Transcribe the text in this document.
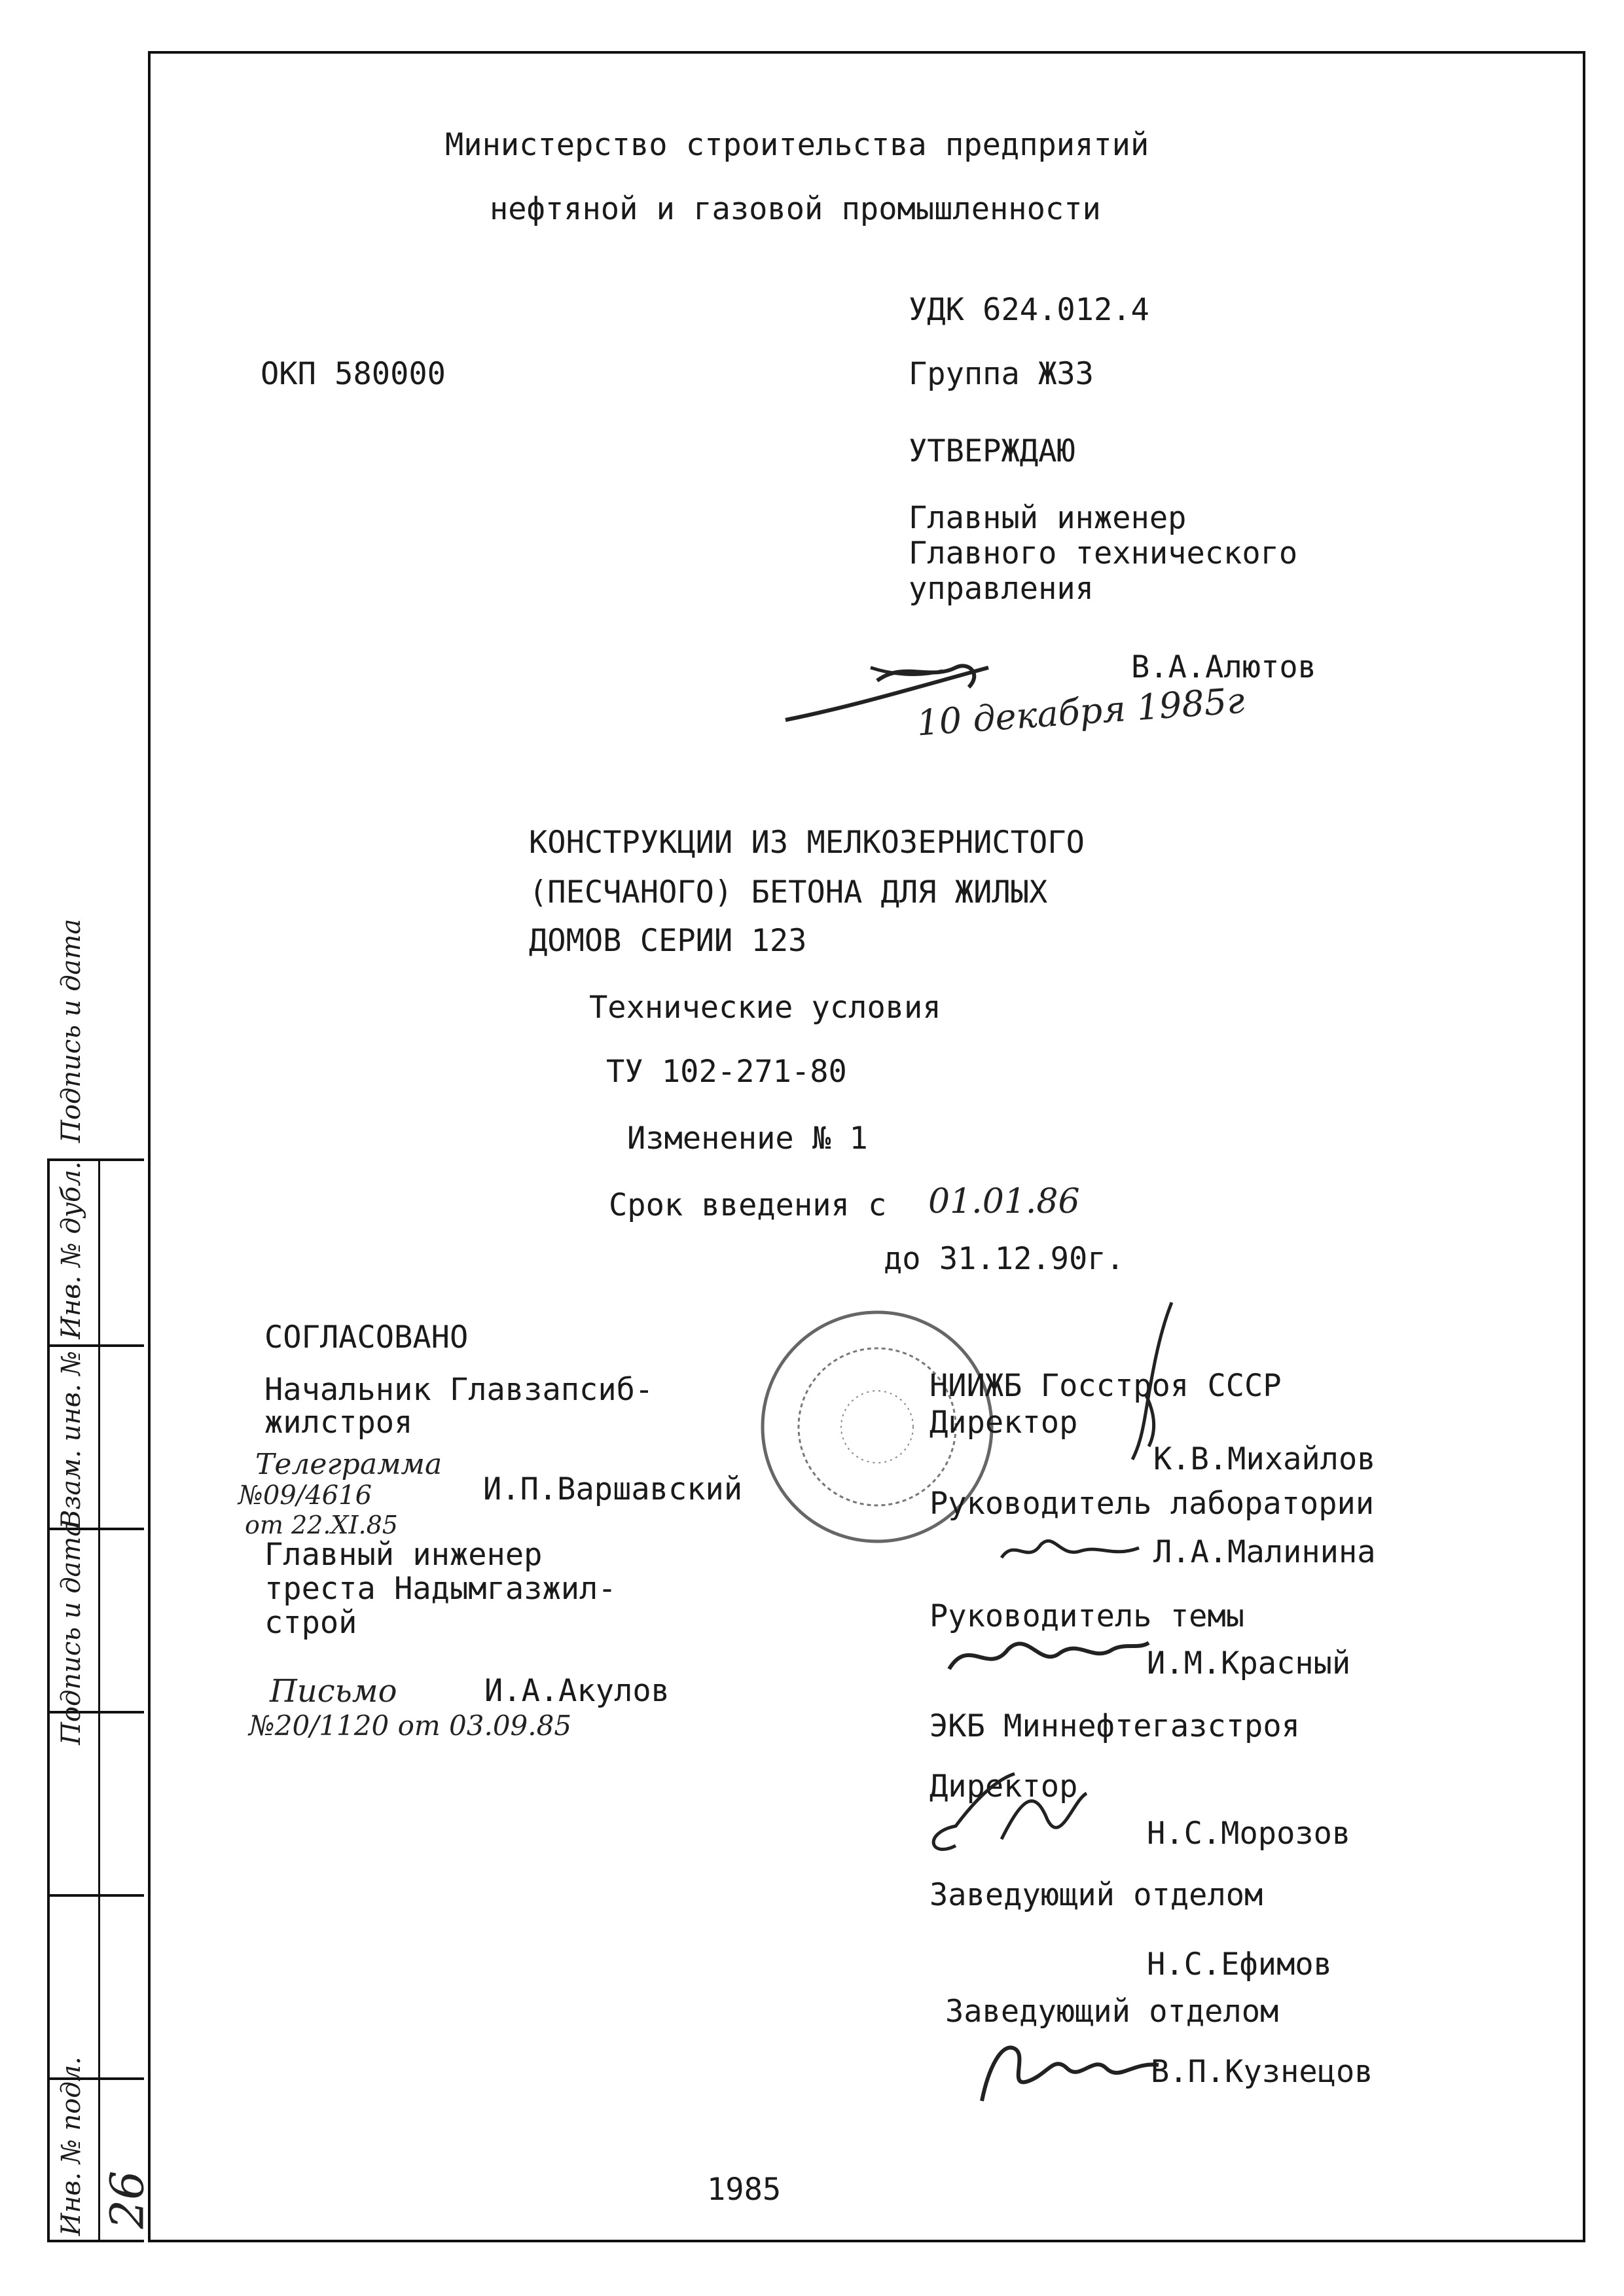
Подпись и дата
Инв. № дубл.
Взам. инв. №
Подпись и дата
Инв. № подл. 26
Министерство строительства предприятий
нефтяной и газовой промышленности
УДК 624.012.4
ОКП 580000	Группа Ж33
УТВЕРЖДАЮ
Главный инженер
Главного технического
управления
В.А.Алютов
10 декабря 1985г
КОНСТРУКЦИИ ИЗ МЕЛКОЗЕРНИСТОГО
(ПЕСЧАНОГО) БЕТОНА ДЛЯ ЖИЛЫХ
ДОМОВ СЕРИИ 123
Технические условия
ТУ 102-271-80
Изменение № 1
Срок введения с 01.01.86
до 31.12.90г.
СОГЛАСОВАНО
Начальник Главзапсиб-
жилстроя
Телеграмма
№09/4616
от 22.XI.85
И.П.Варшавский
Главный инженер
треста Надымгазжил-
строй
Письмо	И.А.Акулов
№20/1120 от 03.09.85
НИИЖБ Госстроя СССР
Директор
К.В.Михайлов
Руководитель лаборатории
Л.А.Малинина
Руководитель темы
И.М.Красный
ЭКБ Миннефтегазстроя
Директор
Н.С.Морозов
Заведующий отделом
Н.С.Ефимов
Заведующий отделом
В.П.Кузнецов
1985
